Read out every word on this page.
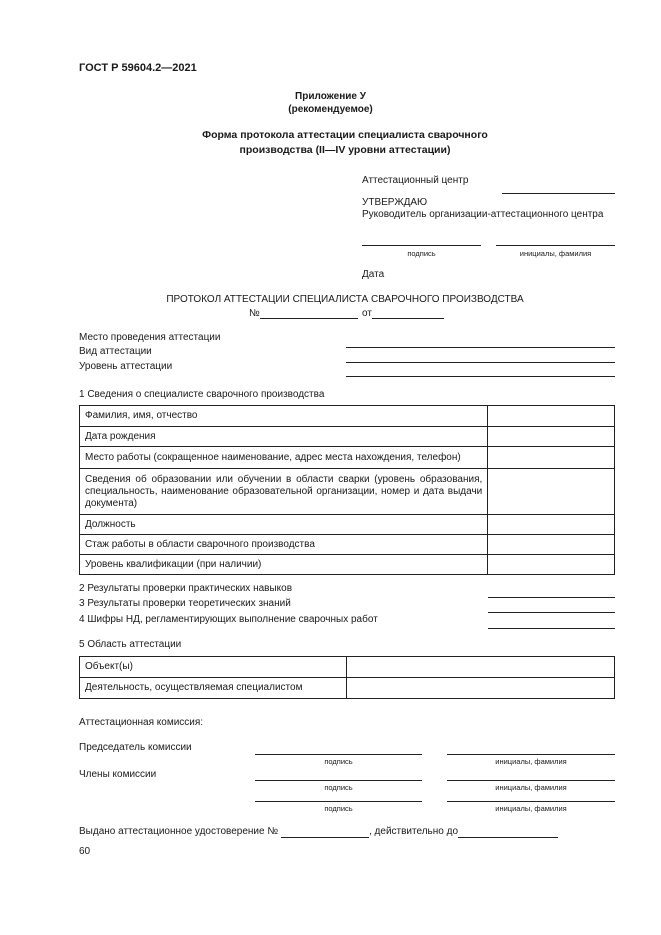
ГОСТ Р 59604.2—2021
Приложение У
(рекомендуемое)
Форма протокола аттестации специалиста сварочного
производства (II—IV уровни аттестации)
Аттестационный центр
УТВЕРЖДАЮ
Руководитель организации-аттестационного центра
подпись	инициалы, фамилия
Дата
ПРОТОКОЛ АТТЕСТАЦИИ СПЕЦИАЛИСТА СВАРОЧНОГО ПРОИЗВОДСТВА
№	от
Место проведения аттестации
Вид аттестации
Уровень аттестации
1 Сведения о специалисте сварочного производства
Фамилия, имя, отчество	
Дата рождения	
Место работы (сокращенное наименование, адрес места нахождения, телефон)	
Сведения об образовании или обучении в области сварки (уровень образования, специальность, наименование образовательной организации, номер и дата выдачи документа)	
Должность	
Стаж работы в области сварочного производства	
Уровень квалификации (при наличии)	
2 Результаты проверки практических навыков
3 Результаты проверки теоретических знаний
4 Шифры НД, регламентирующих выполнение сварочных работ
5 Область аттестации
Объект(ы)	
Деятельность, осуществляемая специалистом	
Аттестационная комиссия:
Председатель комиссии
Члены комиссии
подпись	инициалы, фамилия
подпись	инициалы, фамилия
подпись	инициалы, фамилия
Выдано аттестационное удостоверение №	, действительно до
60
